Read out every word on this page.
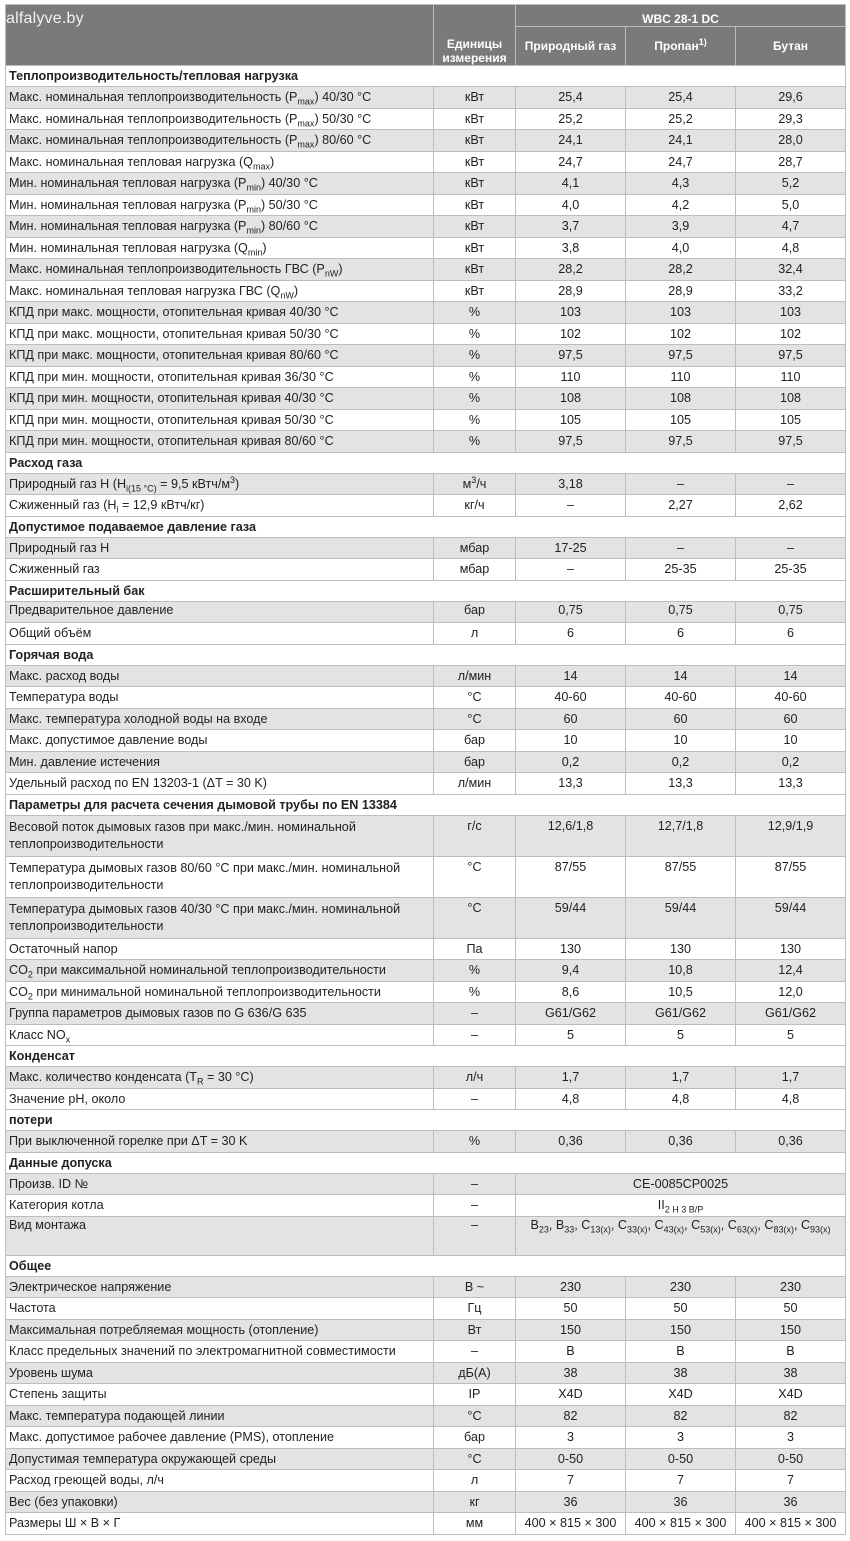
	Единицы измерения	WBC 28-1 DC		
		Природный газ	Пропан$^{1)}$	Бутан
Теплопроизводительность/тепловая нагрузка				
Макс. номинальная теплопроизводительность $(P_{max})$ 40/30 °C	кВт	25,4	25,4	29,6
Макс. номинальная теплопроизводительность $(P_{max})$ 50/30 °C	кВт	25,2	25,2	29,3
Макс. номинальная теплопроизводительность $(P_{max})$ 80/60 °C	кВт	24,1	24,1	28,0
Макс. номинальная тепловая нагрузка $(Q_{max})$	кВт	24,7	24,7	28,7
Мин. номинальная тепловая нагрузка $(P_{min})$ 40/30 °C	кВт	4,1	4,3	5,2
Мин. номинальная тепловая нагрузка $(P_{min})$ 50/30 °C	кВт	4,0	4,2	5,0
Мин. номинальная тепловая нагрузка $(P_{min})$ 80/60 °C	кВт	3,7	3,9	4,7
Мин. номинальная тепловая нагрузка $(Q_{min})$	кВт	3,8	4,0	4,8
Макс. номинальная теплопроизводительность ГВС $(P_{nW})$	кВт	28,2	28,2	32,4
Макс. номинальная тепловая нагрузка ГВС $(Q_{nW})$	кВт	28,9	28,9	33,2
КПД при макс. мощности, отопительная кривая 40/30 °C	%	103	103	103
КПД при макс. мощности, отопительная кривая 50/30 °C	%	102	102	102
КПД при макс. мощности, отопительная кривая 80/60 °C	%	97,5	97,5	97,5
КПД при мин. мощности, отопительная кривая 36/30 °C	%	110	110	110
КПД при мин. мощности, отопительная кривая 40/30 °C	%	108	108	108
КПД при мин. мощности, отопительная кривая 50/30 °C	%	105	105	105
КПД при мин. мощности, отопительная кривая 80/60 °C	%	97,5	97,5	97,5
Расход газа				
Природный газ H ($H_{i(15 ^\circ C)} = 9,5$ кВтч/$м^3$)	$м^3/ч$	3,18	–	–
Сжиженный газ ($H_i = 12,9$ кВтч/кг)	кг/ч	–	2,27	2,62
Допустимое подаваемое давление газа				
Природный газ H	мбар	17-25	–	–
Сжиженный газ	мбар	–	25-35	25-35
Расширительный бак				

Предварительное давление	бар	0,75	0,75	0,75

Общий объём	л	6	6	6
Горячая вода				
Макс. расход воды	л/мин	14	14	14
Температура воды	°C	40-60	40-60	40-60
Макс. температура холодной воды на входе	°C	60	60	60
Макс. допустимое давление воды	бар	10	10	10
Мин. давление истечения	бар	0,2	0,2	0,2
Удельный расход по EN 13203-1 (ΔT = 30 K)	л/мин	13,3	13,3	13,3
Параметры для расчета сечения дымовой трубы по EN 13384				
Весовой поток дымовых газов при макс./мин. номинальной теплопроизводительности	г/с	12,6/1,8	12,7/1,8	12,9/1,9
Температура дымовых газов 80/60 °C при макс./мин. номинальной теплопроизводительности	°C	87/55	87/55	87/55
Температура дымовых газов 40/30 °C при макс./мин. номинальной теплопроизводительности	°C	59/44	59/44	59/44
Остаточный напор	Па	130	130	130
$CO_2$ при максимальной номинальной теплопроизводительности	%	9,4	10,8	12,4
$CO_2$ при минимальной номинальной теплопроизводительности	%	8,6	10,5	12,0
Группа параметров дымовых газов по G 636/G 635	–	G61/G62	G61/G62	G61/G62
Класс $NO_x$	–	5	5	5
Конденсат				
Макс. количество конденсата ($T_R = 30$ °C)	л/ч	1,7	1,7	1,7
Значение pH, около	–	4,8	4,8	4,8
потери				
При выключенной горелке при ΔT = 30 K	%	0,36	0,36	0,36
Данные допуска				
Произв. ID №	–	CE-0085CP0025		
Категория котла	–	$II_{2 H 3 B/P}$
Вид монтажа	–	$B_{23}$, $B_{33}$, $C_{13(x)}$, $C_{33(x)}$, $C_{43(x)}$, $C_{53(x)}$, $C_{63(x)}$, $C_{83(x)}$, $C_{93(x)}$
Общее				
Электрическое напряжение	В ~	230	230	230
Частота	Гц	50	50	50
Максимальная потребляемая мощность (отопление)	Вт	150	150	150
Класс предельных значений по электромагнитной совместимости	–	B	B	B
Уровень шума	дБ(A)	38	38	38
Степень защиты	IP	X4D	X4D	X4D
Макс. температура подающей линии	°C	82	82	82
Макс. допустимое рабочее давление (PMS), отопление	бар	3	3	3
Допустимая температура окружающей среды	°C	0-50	0-50	0-50
Расход греющей воды, л/ч	л	7	7	7
Вес (без упаковки)	кг	36	36	36
Размеры Ш × В × Г	мм	400 × 815 × 300	400 × 815 × 300	400 × 815 × 300
alfalyve.by
